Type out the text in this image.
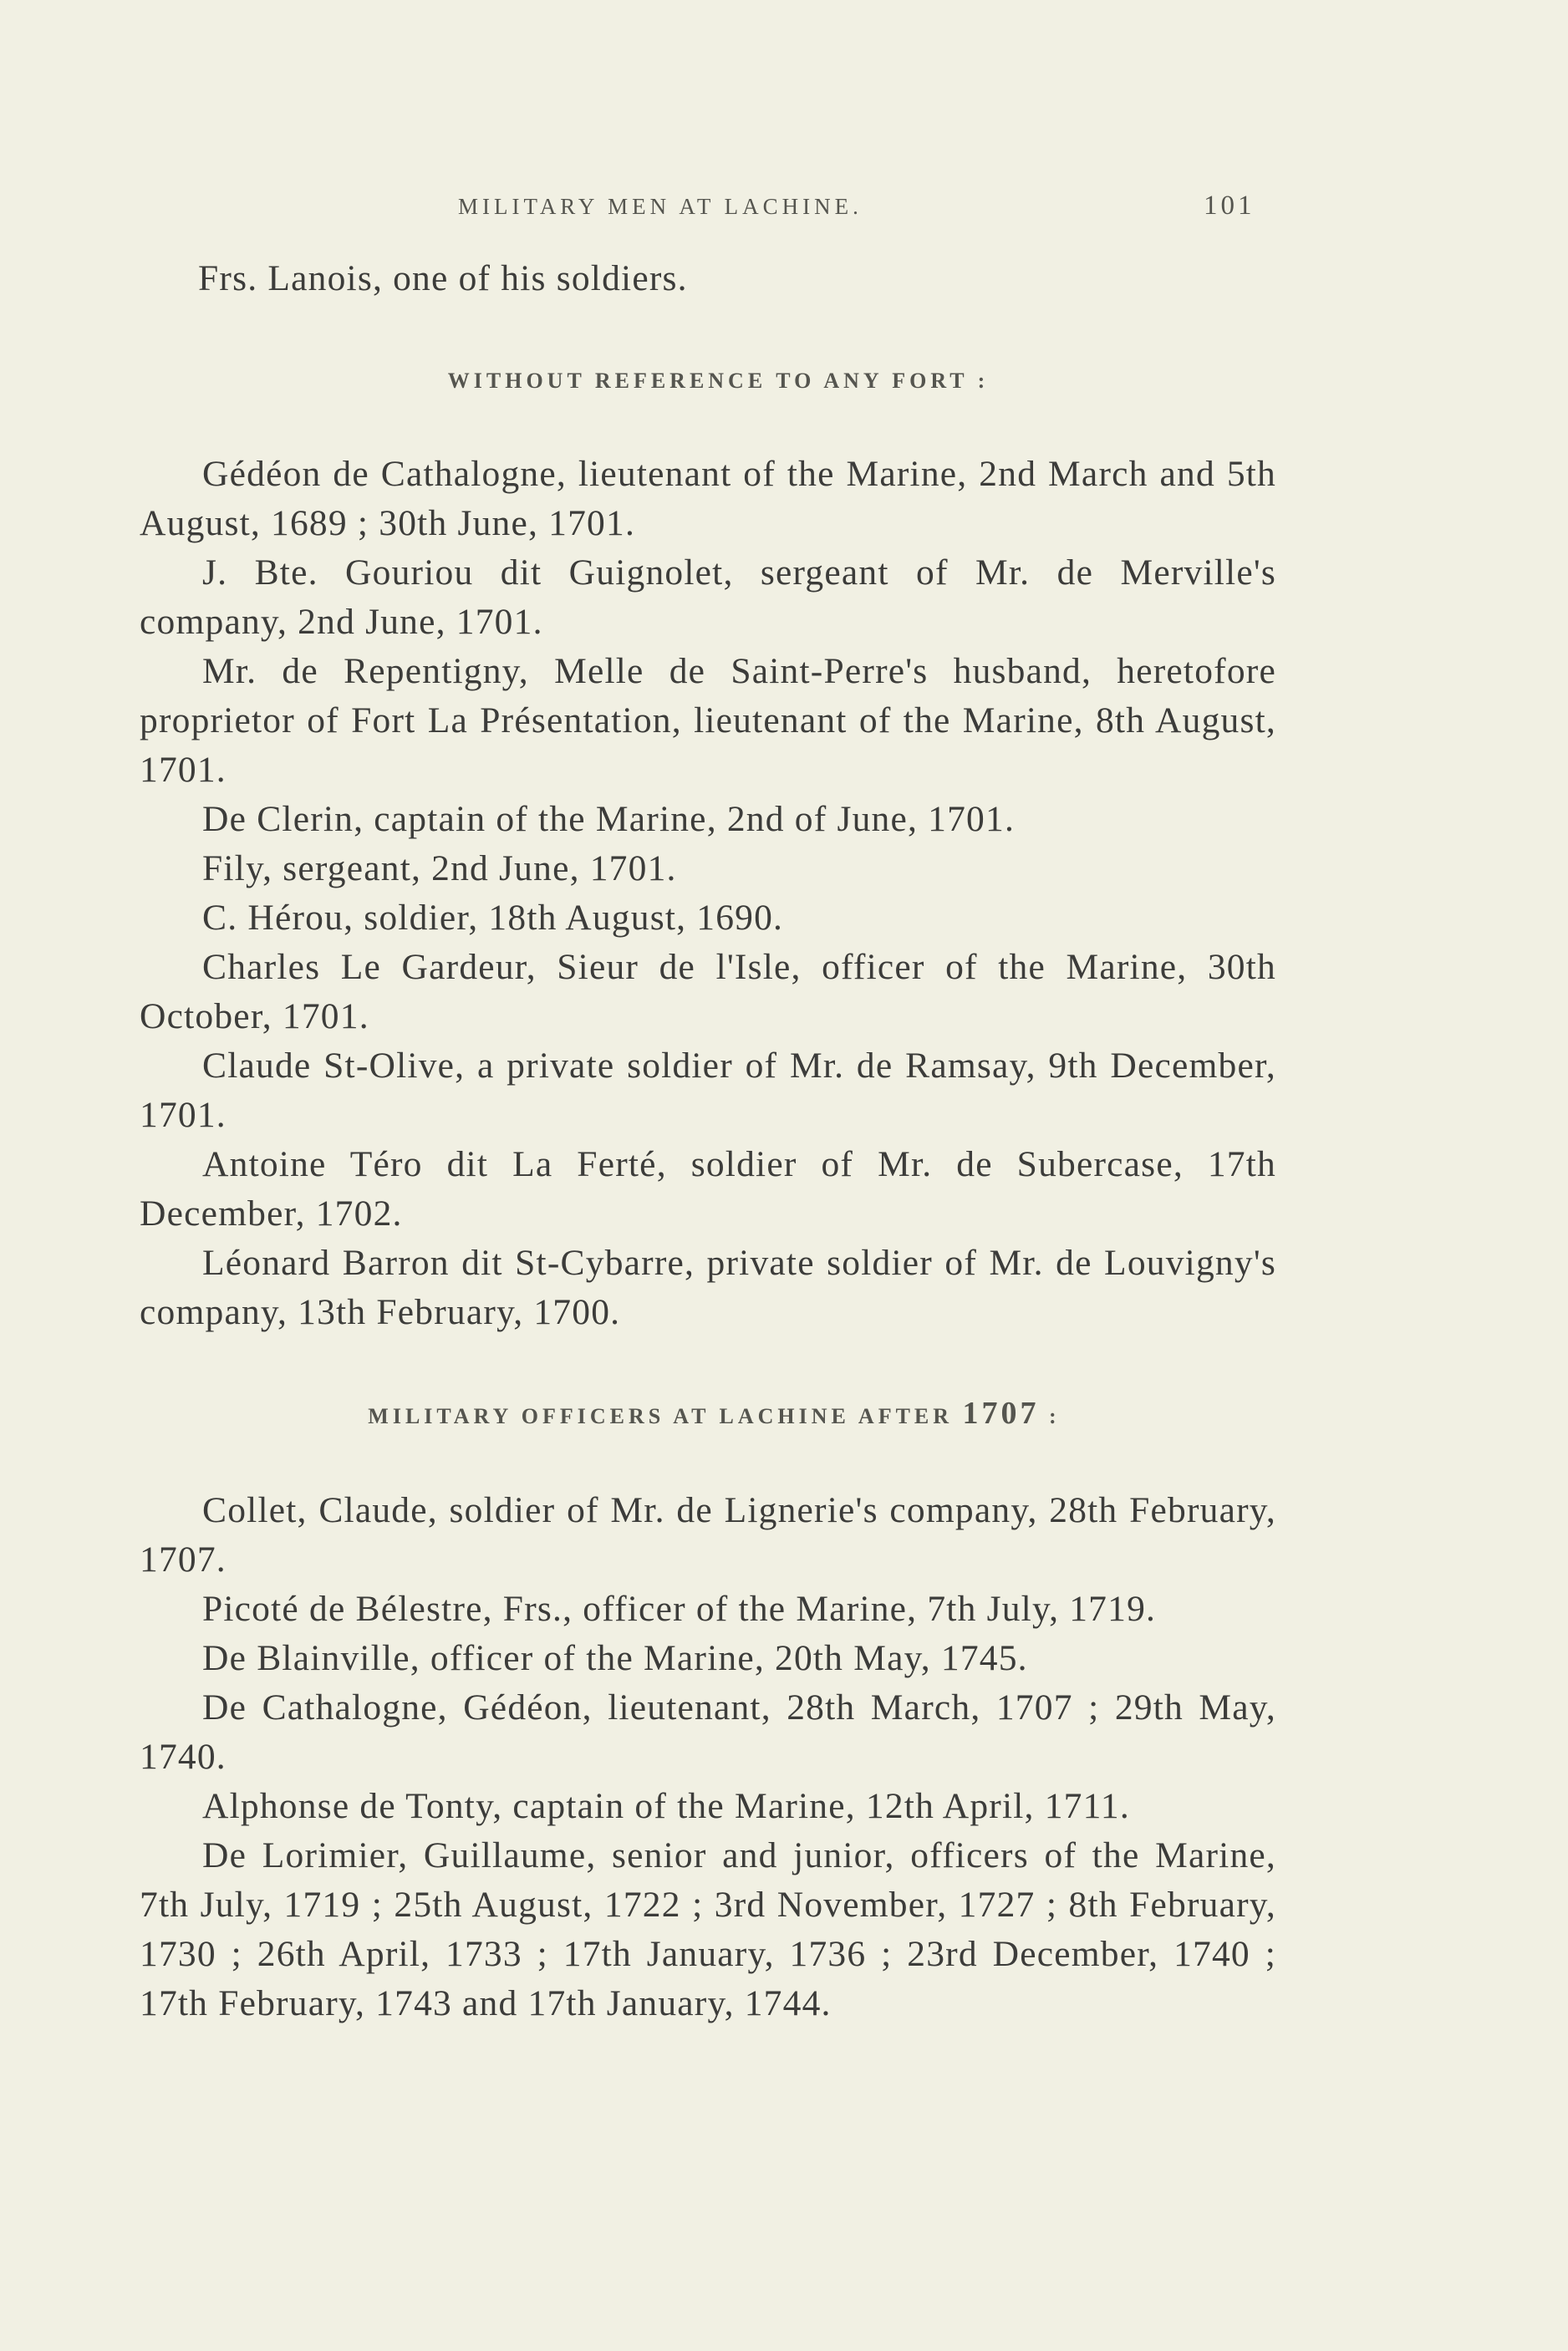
MILITARY MEN AT LACHINE.	101

Frs. Lanois, one of his soldiers.

WITHOUT REFERENCE TO ANY FORT :

Gédéon de Cathalogne, lieutenant of the Marine, 2nd March and 5th August, 1689 ; 30th June, 1701.

J. Bte. Gouriou dit Guignolet, sergeant of Mr. de Merville's company, 2nd June, 1701.

Mr. de Repentigny, Melle de Saint-Perre's husband, heretofore proprietor of Fort La Présentation, lieutenant of the Marine, 8th August, 1701.

De Clerin, captain of the Marine, 2nd of June, 1701.

Fily, sergeant, 2nd June, 1701.

C. Hérou, soldier, 18th August, 1690.

Charles Le Gardeur, Sieur de l'Isle, officer of the Marine, 30th October, 1701.

Claude St-Olive, a private soldier of Mr. de Ramsay, 9th December, 1701.

Antoine Téro dit La Ferté, soldier of Mr. de Subercase, 17th December, 1702.

Léonard Barron dit St-Cybarre, private soldier of Mr. de Louvigny's company, 13th February, 1700.

MILITARY OFFICERS AT LACHINE AFTER 1707 :

Collet, Claude, soldier of Mr. de Lignerie's company, 28th February, 1707.

Picoté de Bélestre, Frs., officer of the Marine, 7th July, 1719.

De Blainville, officer of the Marine, 20th May, 1745.

De Cathalogne, Gédéon, lieutenant, 28th March, 1707 ; 29th May, 1740.

Alphonse de Tonty, captain of the Marine, 12th April, 1711.

De Lorimier, Guillaume, senior and junior, officers of the Marine, 7th July, 1719 ; 25th August, 1722 ; 3rd November, 1727 ; 8th February, 1730 ; 26th April, 1733 ; 17th January, 1736 ; 23rd December, 1740 ; 17th February, 1743 and 17th January, 1744.
